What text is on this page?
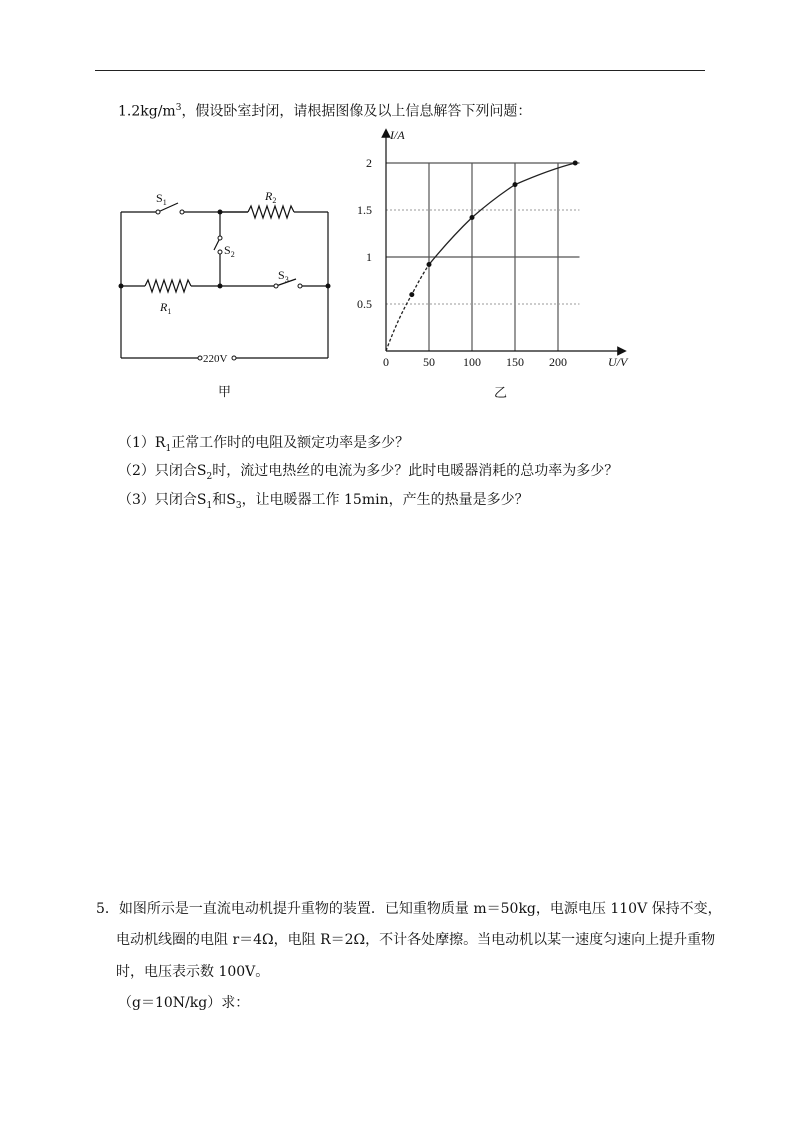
$1.2kg/m^3$，假设卧室封闭，请根据图像及以上信息解答下列问题：
$S_1$
$S_2$
$S_3$
$R_2$
$R_1$
220V
甲
0	50 100 150 200
0.5
1
1.5
2
I/A
U/V
乙
$(1)R_1$正常工作时的电阻及额定功率是多少？
（2）只闭合$S_2$时，流过电热丝的电流为多少？此时电暖器消耗的总功率为多少？
（3）只闭合$S_1$和$S_3$，让电暖器工作 15min，产生的热量是多少？
5．如图所示是一直流电动机提升重物的装置．已知重物质量 m＝50kg，电源电压 110V 保持不变，
电动机线圈的电阻 r＝4Ω，电阻 R＝2Ω，不计各处摩擦。当电动机以某一速度匀速向上提升重物
时，电压表示数 100V。
（g＝10N/kg）求：
